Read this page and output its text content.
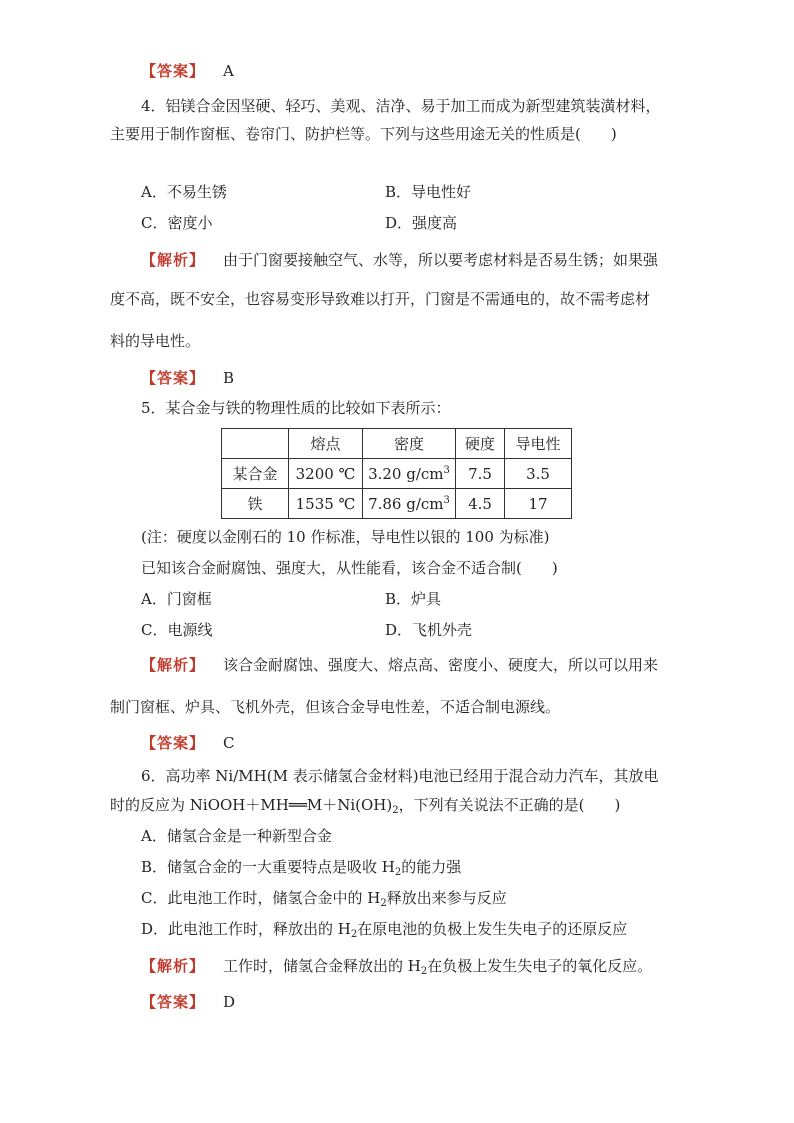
【答案】 A
4．铝镁合金因坚硬、轻巧、美观、洁净、易于加工而成为新型建筑装潢材料，
主要用于制作窗框、卷帘门、防护栏等。下列与这些用途无关的性质是(　　)
A．不易生锈	B．导电性好
C．密度小	D．强度高
【解析】 由于门窗要接触空气、水等，所以要考虑材料是否易生锈；如果强
度不高，既不安全，也容易变形导致难以打开，门窗是不需通电的，故不需考虑材
料的导电性。
【答案】 B
5．某合金与铁的物理性质的比较如下表所示：
	熔点	密度	硬度	导电性
某合金	3200 ℃	3.20 $g/cm^3$	7.5	3.5
铁	1535 ℃	7.86 $g/cm^3$	4.5	17
(注：硬度以金刚石的 10 作标准，导电性以银的 100 为标准)
已知该合金耐腐蚀、强度大，从性能看，该合金不适合制(　　)
A．门窗框	B．炉具
C．电源线	D．飞机外壳
【解析】 该合金耐腐蚀、强度大、熔点高、密度小、硬度大，所以可以用来
制门窗框、炉具、飞机外壳，但该合金导电性差，不适合制电源线。
【答案】 C
6．高功率 Ni/MH(M 表示储氢合金材料)电池已经用于混合动力汽车，其放电
时的反应为 $NiOOH+MH══M+Ni(OH)_2$，下列有关说法不正确的是(　　)
A．储氢合金是一种新型合金
B．储氢合金的一大重要特点是吸收 $H_2$的能力强
C．此电池工作时，储氢合金中的 $H_2$释放出来参与反应
D．此电池工作时，释放出的 $H_2$在原电池的负极上发生失电子的还原反应
【解析】 工作时，储氢合金释放出的 $H_2$在负极上发生失电子的氧化反应。
【答案】 D
